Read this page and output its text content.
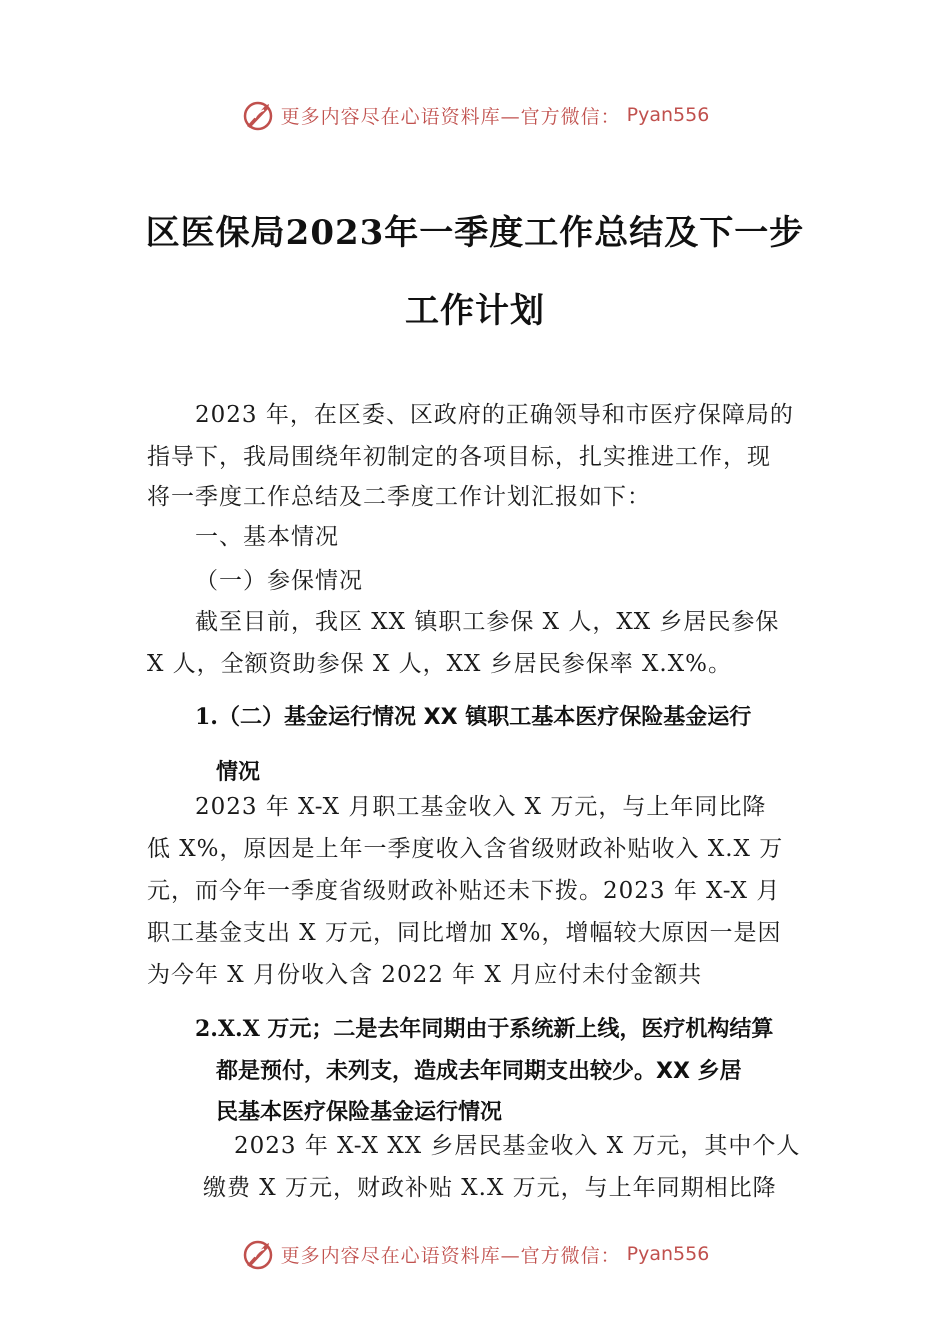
更多内容尽在心语资料库—官方微信： Pyan556
区医保局2023年一季度工作总结及下一步
工作计划
2023 年，在区委、区政府的正确领导和市医疗保障局的
指导下，我局围绕年初制定的各项目标，扎实推进工作，现
将一季度工作总结及二季度工作计划汇报如下：
一、基本情况
（一）参保情况
截至目前，我区 XX 镇职工参保 X 人，XX 乡居民参保
X 人，全额资助参保 X 人，XX 乡居民参保率 X.X%。
1.（二）基金运行情况 XX 镇职工基本医疗保险基金运行
情况
2023 年 X-X 月职工基金收入 X 万元，与上年同比降
低 X%，原因是上年一季度收入含省级财政补贴收入 X.X 万
元，而今年一季度省级财政补贴还未下拨。2023 年 X-X 月
职工基金支出 X 万元，同比增加 X%，增幅较大原因一是因
为今年 X 月份收入含 2022 年 X 月应付未付金额共
2.X.X 万元；二是去年同期由于系统新上线，医疗机构结算
都是预付，未列支，造成去年同期支出较少。XX 乡居
民基本医疗保险基金运行情况
2023 年 X-X XX 乡居民基金收入 X 万元，其中个人
缴费 X 万元，财政补贴 X.X 万元，与上年同期相比降
更多内容尽在心语资料库—官方微信： Pyan556
